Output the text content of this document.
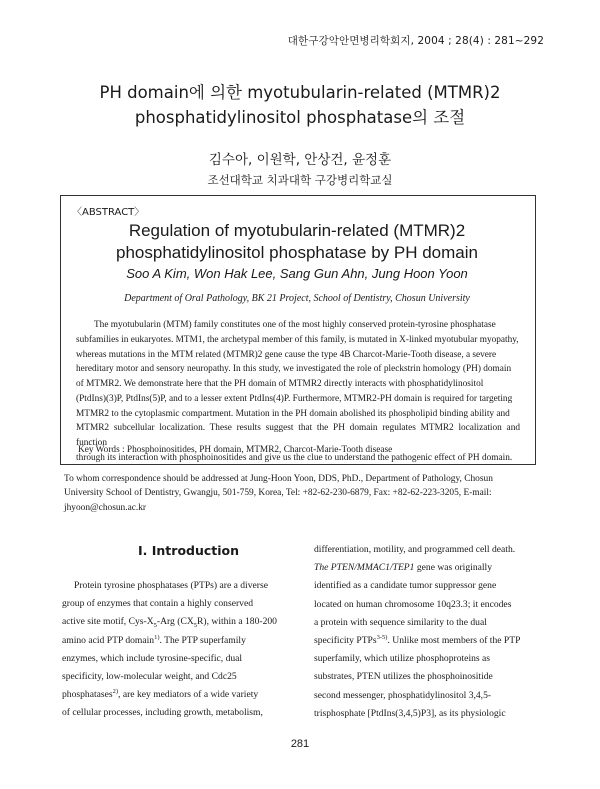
대한구강악안면병리학회지, 2004 ; 28(4) : 281~292
PH domain에 의한 myotubularin-related (MTMR)2
phosphatidylinositol phosphatase의 조절
김수아, 이원학, 안상건, 윤정훈
조선대학교 치과대학 구강병리학교실
〈ABSTRACT〉
Regulation of myotubularin-related (MTMR)2
phosphatidylinositol phosphatase by PH domain
Soo A Kim, Won Hak Lee, Sang Gun Ahn, Jung Hoon Yoon
Department of Oral Pathology, BK 21 Project, School of Dentistry, Chosun University
The myotubularin (MTM) family constitutes one of the most highly conserved protein-tyrosine phosphatase
subfamilies in eukaryotes. MTM1, the archetypal member of this family, is mutated in X-linked myotubular myopathy,
whereas mutations in the MTM related (MTMR)2 gene cause the type 4B Charcot-Marie-Tooth disease, a severe
hereditary motor and sensory neuropathy. In this study, we investigated the role of pleckstrin homology (PH) domain
of MTMR2. We demonstrate here that the PH domain of MTMR2 directly interacts with phosphatidylinositol
(PtdIns)(3)P, PtdIns(5)P, and to a lesser extent PtdIns(4)P. Furthermore, MTMR2-PH domain is required for targeting
MTMR2 to the cytoplasmic compartment. Mutation in the PH domain abolished its phospholipid binding ability and
MTMR2 subcellular localization. These results suggest that the PH domain regulates MTMR2 localization and function
through its interaction with phosphoinositides and give us the clue to understand the pathogenic effect of PH domain.
Key Words : Phosphoinositides, PH domain, MTMR2, Charcot-Marie-Tooth disease
To whom correspondence should be addressed at Jung-Hoon Yoon, DDS, PhD., Department of Pathology, Chosun
University School of Dentistry, Gwangju, 501-759, Korea, Tel: +82-62-230-6879, Fax: +82-62-223-3205, E-mail:
jhyoon@chosun.ac.kr
I. Introduction
Protein tyrosine phosphatases (PTPs) are a diverse
group of enzymes that contain a highly conserved
active site motif, Cys-$X_5$-Arg $(CX_5R)$, within a 180-200
amino acid PTP domain$^{1)}$. The PTP superfamily
enzymes, which include tyrosine-specific, dual
specificity, low-molecular weight, and Cdc25
phosphatases$^{2)}$, are key mediators of a wide variety
of cellular processes, including growth, metabolism,
differentiation, motility, and programmed cell death.
The PTEN/MMAC1/TEP1 gene was originally
identified as a candidate tumor suppressor gene
located on human chromosome 10q23.3; it encodes
a protein with sequence similarity to the dual
specificity PTPs$^{3-5)}$. Unlike most members of the PTP
superfamily, which utilize phosphoproteins as
substrates, PTEN utilizes the phosphoinositide
second messenger, phosphatidylinositol 3,4,5-
trisphosphate [PtdIns(3,4,5)P3], as its physiologic
281
